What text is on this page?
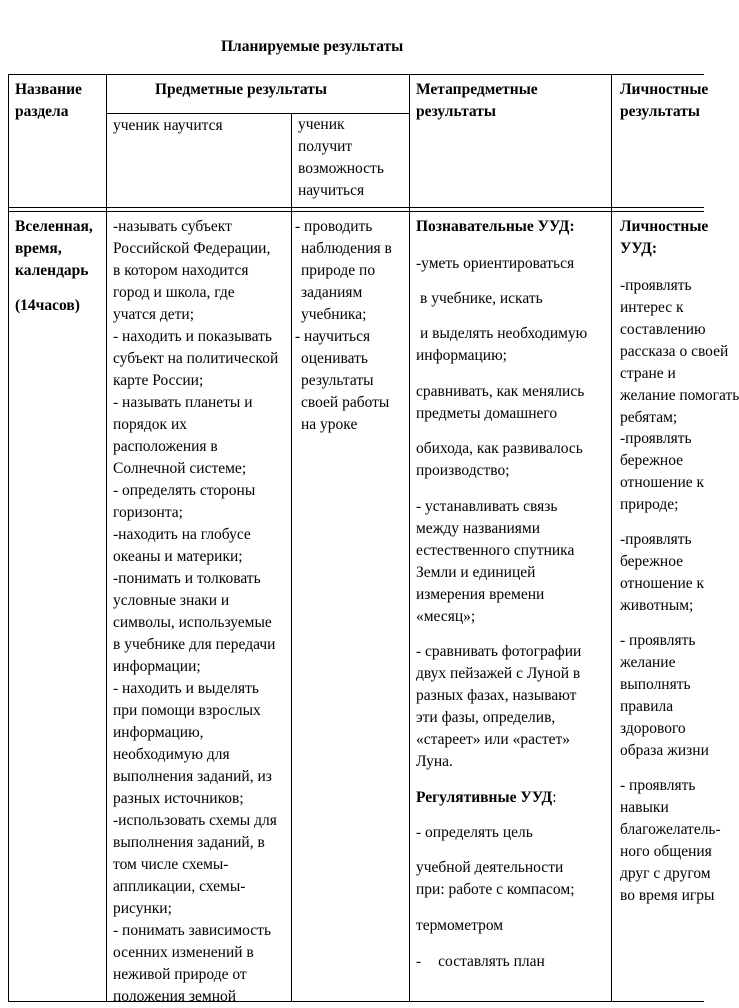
Планируемые результаты
Название
раздела
Предметные результаты	Метапредметные
результаты
Личностные
результаты
ученик научится	ученик
получит
возможность
научиться
Вселенная,
время,
календарь
(14часов)
-называть субъект
Российской Федерации,
в котором находится
город и школа, где
учатся дети;
- находить и показывать
субъект на политической
карте России;
- называть планеты и
порядок их
расположения в
Солнечной системе;
- определять стороны
горизонта;
-находить на глобусе
океаны и материки;
-понимать и толковать
условные знаки и
символы, используемые
в учебнике для передачи
информации;
- находить и выделять
при помощи взрослых
информацию,
необходимую для
выполнения заданий, из
разных источников;
-использовать схемы для
выполнения заданий, в
том числе схемы-
аппликации, схемы-
рисунки;
- понимать зависимость
осенних изменений в
неживой природе от
положения земной
- проводить
наблюдения в
природе по
заданиям
учебника;
- научиться
оценивать
результаты
своей работы
на уроке
Познавательные УУД:
-уметь ориентироваться
в учебнике, искать
и выделять необходимую
информацию;
сравнивать, как менялись
предметы домашнего
обихода, как развивалось
производство;
- устанавливать связь
между названиями
естественного спутника
Земли и единицей
измерения времени
«месяц»;
- сравнивать фотографии
двух пейзажей с Луной в
разных фазах, называют
эти фазы, определив,
«стареет» или «растет»
Луна.
Регулятивные УУД:
- определять цель
учебной деятельности
при: работе с компасом;
термометром
- составлять план
Личностные
УУД:
-проявлять
интерес к
составлению
рассказа о своей
стране и
желание помогать
ребятам;
-проявлять
бережное
отношение к
природе;
-проявлять
бережное
отношение к
животным;
- проявлять
желание
выполнять
правила
здорового
образа жизни
- проявлять
навыки
благожелатель-
ного общения
друг с другом
во время игры
